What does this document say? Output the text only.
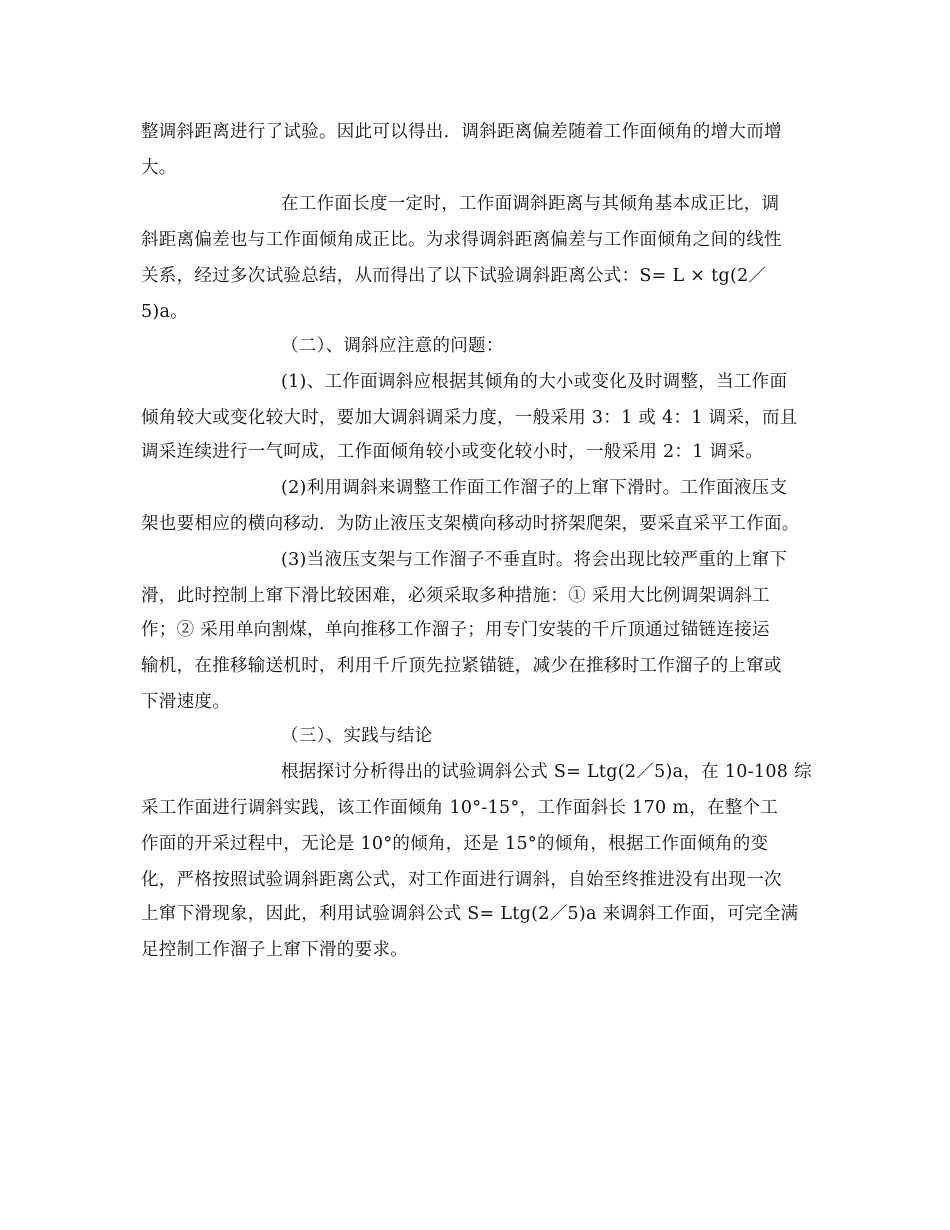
整调斜距离进行了试验。因此可以得出．调斜距离偏差随着工作面倾角的增大而增
大。
在工作面长度一定时，工作面调斜距离与其倾角基本成正比，调
斜距离偏差也与工作面倾角成正比。为求得调斜距离偏差与工作面倾角之间的线性
关系，经过多次试验总结，从而得出了以下试验调斜距离公式：S= L × tg(2／
5)a。
（二）、调斜应注意的问题：
(1)、工作面调斜应根据其倾角的大小或变化及时调整，当工作面
倾角较大或变化较大时，要加大调斜调采力度，一般采用 3：1 或 4：1 调采，而且
调采连续进行一气呵成，工作面倾角较小或变化较小时，一般采用 2：1 调采。
(2)利用调斜来调整工作面工作溜子的上窜下滑时。工作面液压支
架也要相应的横向移动．为防止液压支架横向移动时挤架爬架，要采直采平工作面。
(3)当液压支架与工作溜子不垂直时。将会出现比较严重的上窜下
滑，此时控制上窜下滑比较困难，必须采取多种措施：① 采用大比例调架调斜工
作；② 采用单向割煤，单向推移工作溜子；用专门安装的千斤顶通过锚链连接运
输机，在推移输送机时，利用千斤顶先拉紧锚链，减少在推移时工作溜子的上窜或
下滑速度。
（三）、实践与结论
根据探讨分析得出的试验调斜公式 S= Ltg(2／5)a，在 10-108 综
采工作面进行调斜实践，该工作面倾角 10°-15°，工作面斜长 170 m，在整个工
作面的开采过程中，无论是 10°的倾角，还是 15°的倾角，根据工作面倾角的变
化，严格按照试验调斜距离公式，对工作面进行调斜，自始至终推进没有出现一次
上窜下滑现象，因此，利用试验调斜公式 S= Ltg(2／5)a 来调斜工作面，可完全满
足控制工作溜子上窜下滑的要求。
